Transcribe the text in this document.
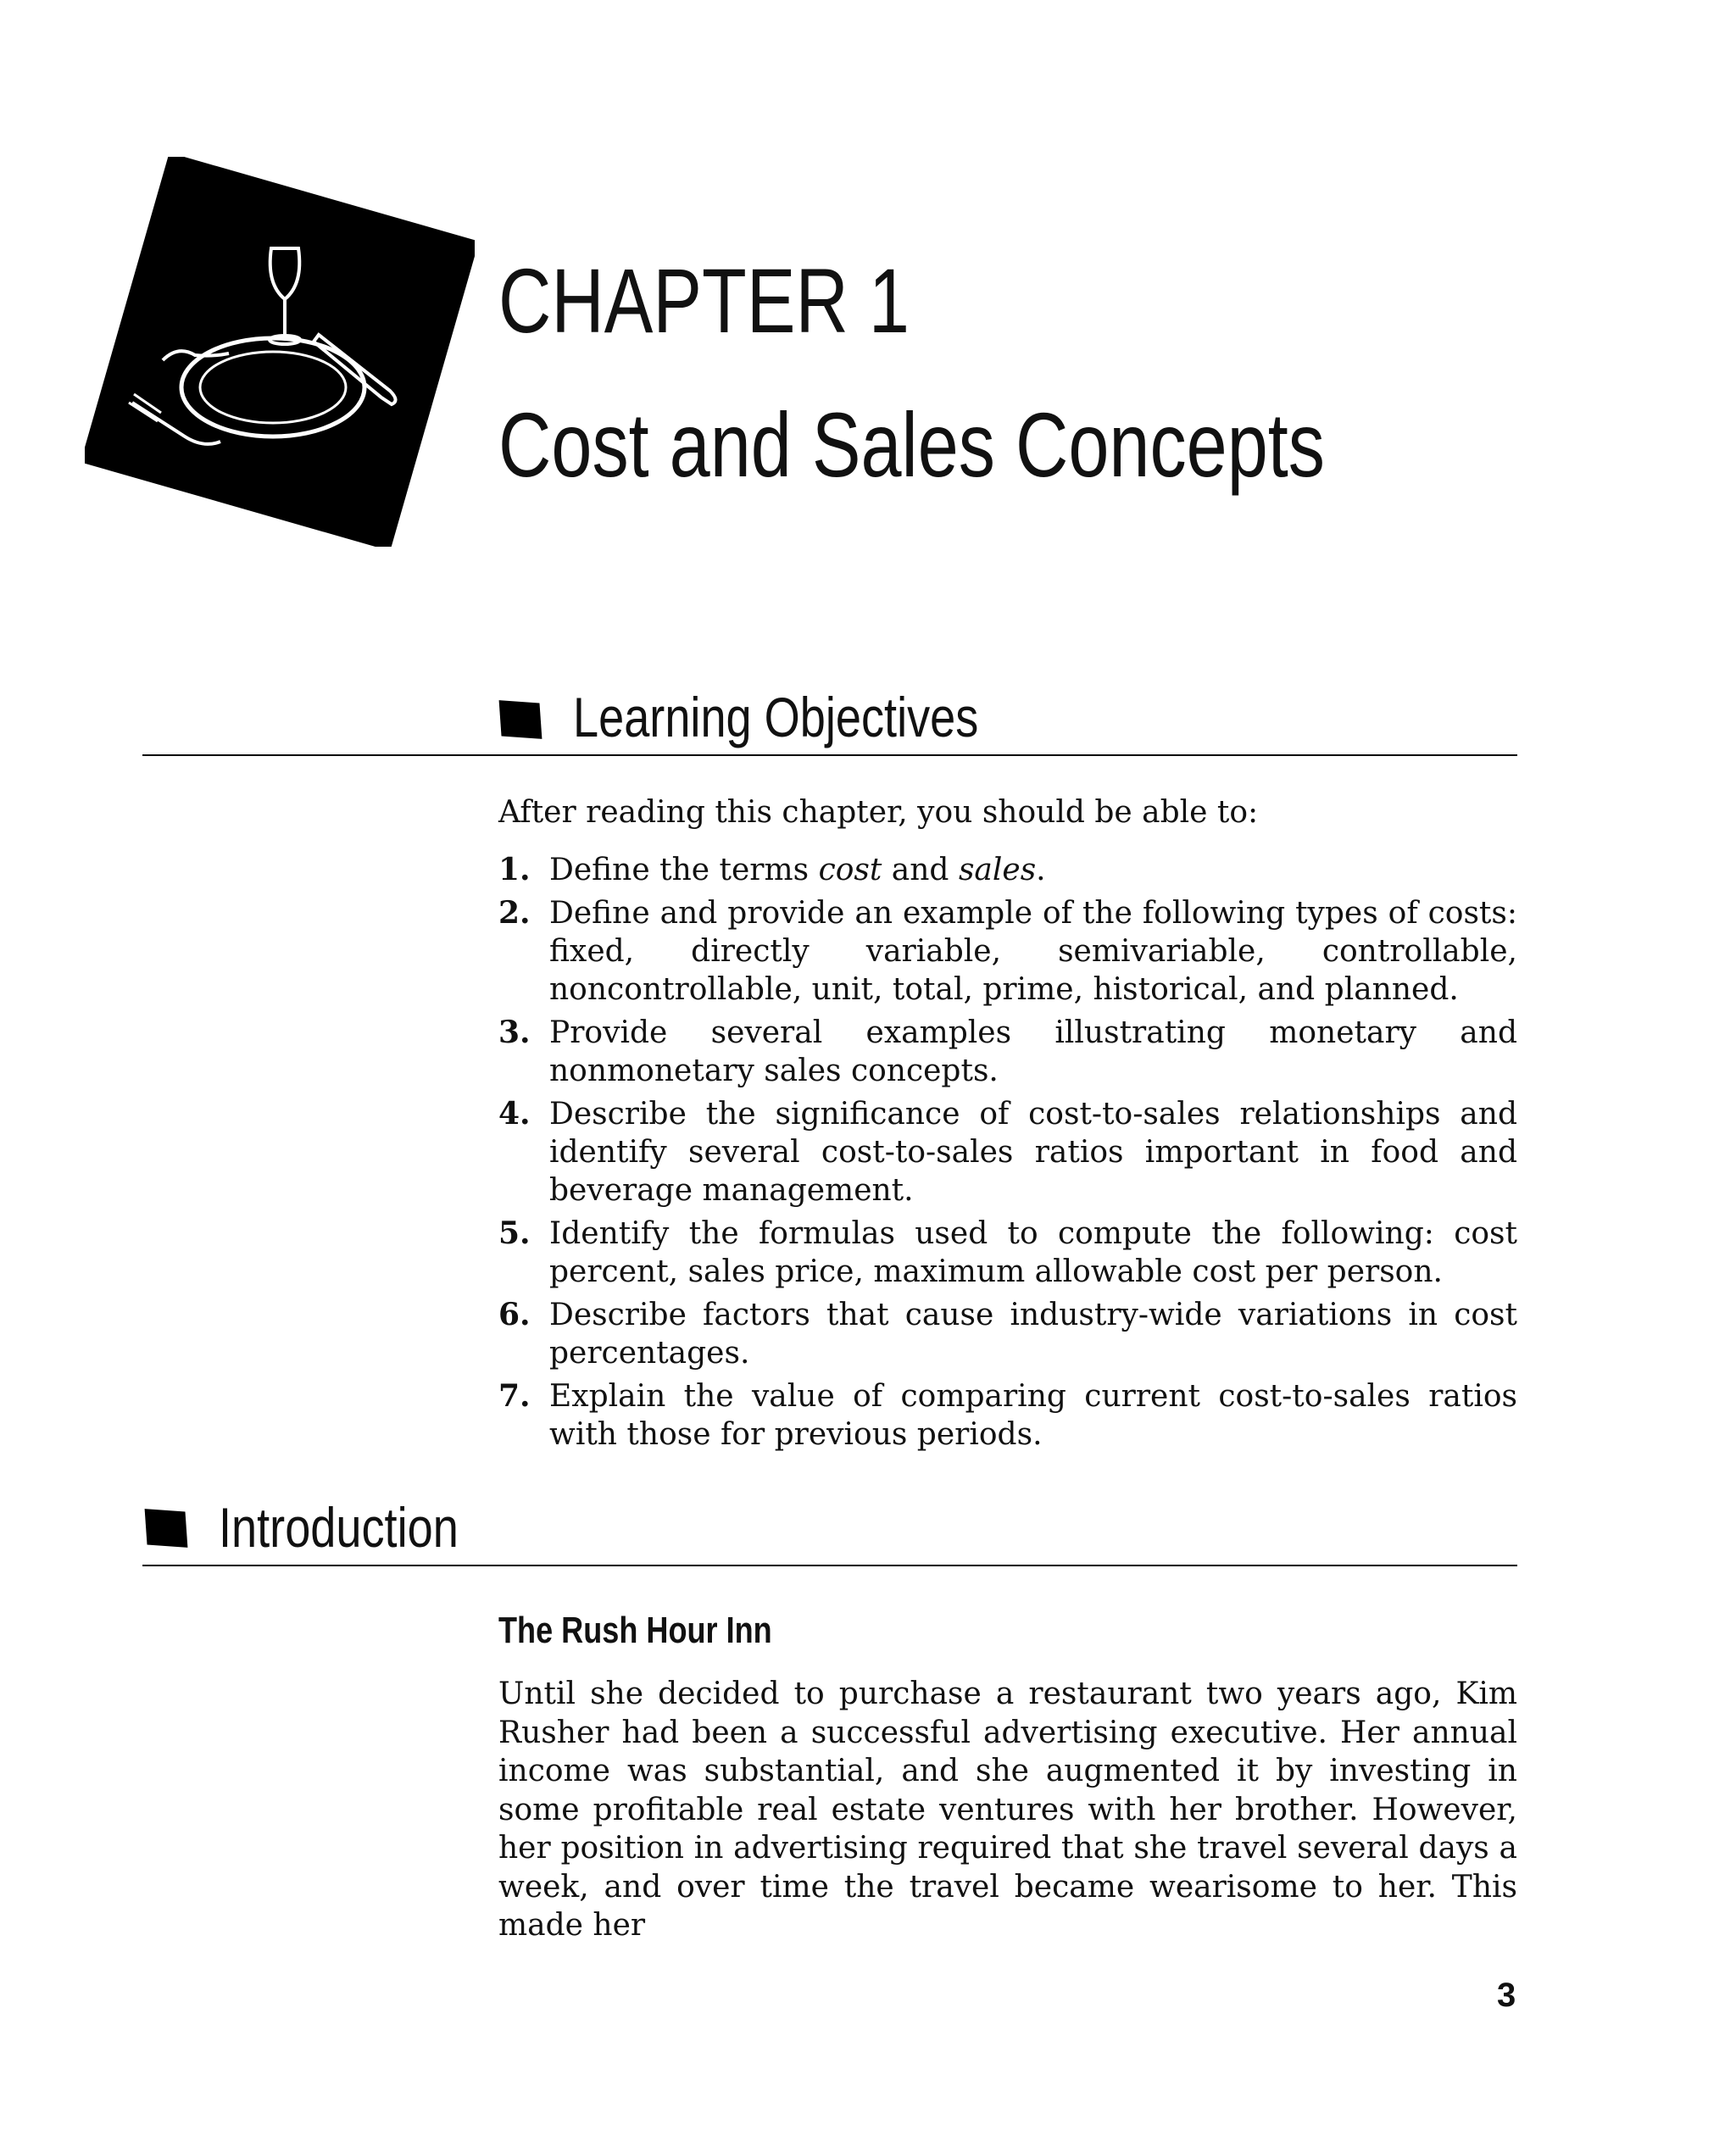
CHAPTER 1
Cost and Sales Concepts
Learning Objectives
After reading this chapter, you should be able to:
1. Define the terms cost and sales.
2. Define and provide an example of the following types of costs: fixed, directly variable, semivariable, controllable, noncontrollable, unit, total, prime, historical, and planned.
3. Provide several examples illustrating monetary and nonmonetary sales concepts.
4. Describe the significance of cost-to-sales relationships and identify several cost-to-sales ratios important in food and beverage management.
5. Identify the formulas used to compute the following: cost percent, sales price, maximum allowable cost per person.
6. Describe factors that cause industry-wide variations in cost percentages.
7. Explain the value of comparing current cost-to-sales ratios with those for previous periods.
Introduction
The Rush Hour Inn

Until she decided to purchase a restaurant two years ago, Kim Rusher had been a successful advertising executive. Her annual income was substantial, and she augmented it by investing in some profitable real estate ventures with her brother. However, her position in advertising required that she travel several days a week, and over time the travel became wearisome to her. This made her

3
